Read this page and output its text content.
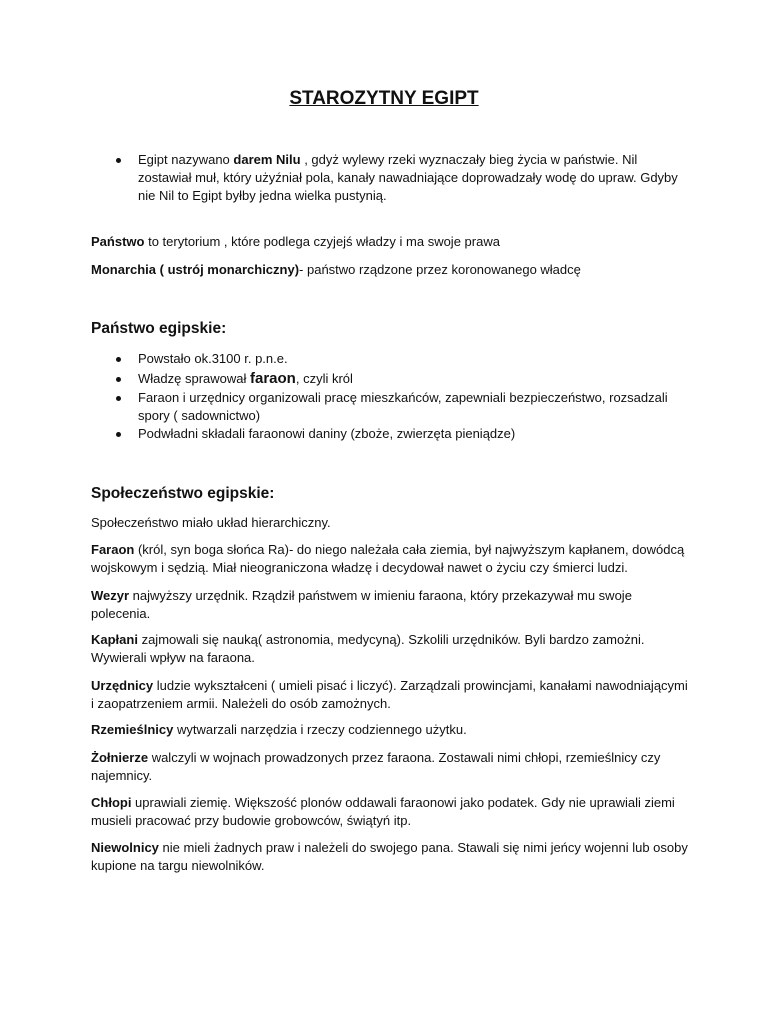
STAROZYTNY EGIPT
Egipt nazywano darem Nilu , gdyż wylewy rzeki wyznaczały bieg życia w państwie. Nil zostawiał muł, który użyźniał pola, kanały nawadniające doprowadzały wodę do upraw. Gdyby nie Nil to Egipt byłby jedna wielka pustynią.
Państwo to terytorium , które podlega czyjejś władzy i ma swoje prawa
Monarchia ( ustrój monarchiczny)- państwo rządzone przez koronowanego władcę
Państwo egipskie:
Powstało ok.3100 r. p.n.e.
Władzę sprawował faraon, czyli król
Faraon i urzędnicy organizowali pracę mieszkańców, zapewniali bezpieczeństwo, rozsadzali spory ( sadownictwo)
Podwładni składali faraonowi daniny (zboże, zwierzęta pieniądze)
Społeczeństwo egipskie:
Społeczeństwo miało układ hierarchiczny.
Faraon (król, syn boga słońca Ra)- do niego należała cała ziemia, był najwyższym kapłanem, dowódcą wojskowym i sędzią. Miał nieograniczona władzę i decydował nawet o życiu czy śmierci ludzi.
Wezyr najwyższy urzędnik. Rządził państwem w imieniu faraona, który przekazywał mu swoje polecenia.
Kapłani zajmowali się nauką( astronomia, medycyną). Szkolili urzędników. Byli bardzo zamożni. Wywierali wpływ na faraona.
Urzędnicy ludzie wykształceni ( umieli pisać i liczyć). Zarządzali prowincjami, kanałami nawodniającymi i zaopatrzeniem armii. Należeli do osób zamożnych.
Rzemieślnicy wytwarzali narzędzia i rzeczy codziennego użytku.
Żołnierze walczyli w wojnach prowadzonych przez faraona. Zostawali nimi chłopi, rzemieślnicy czy najemnicy.
Chłopi uprawiali ziemię. Większość plonów oddawali faraonowi jako podatek. Gdy nie uprawiali ziemi musieli pracować przy budowie grobowców, świątyń itp.
Niewolnicy nie mieli żadnych praw i należeli do swojego pana. Stawali się nimi jeńcy wojenni lub osoby kupione na targu niewolników.
